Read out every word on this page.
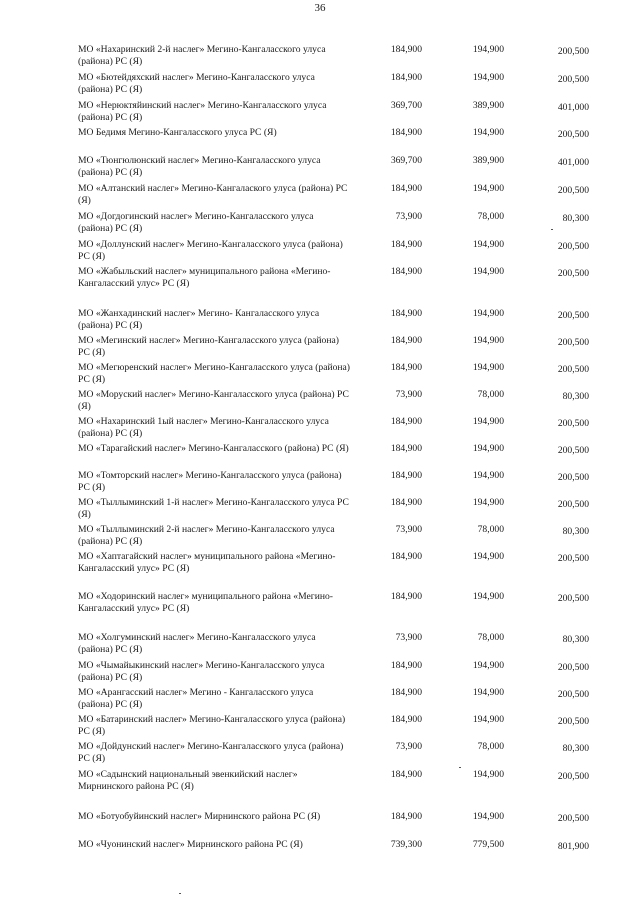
36
МО «Нахаринский 2-й наслег» Мегино-Кангаласского улуса (района) РС (Я)
184,900	194,900	200,500
МО «Бютейдяхский наслег» Мегино-Кангаласского улуса (района) РС (Я)
184,900	194,900	200,500
МО «Нерюктяйинский наслег» Мегино-Кангаласского улуса (района) РС (Я)
369,700	389,900	401,000
МО Бедимя Мегино-Кангаласского улуса РС (Я)	184,900	194,900	200,500
МО «Тюнгюлюнский наслег» Мегино-Кангаласского улуса (района) РС (Я)
369,700	389,900	401,000
МО «Алтанский наслег» Мегино-Кангалаского улуса (района) РС (Я)
184,900	194,900	200,500
МО «Догдогинский наслег» Мегино-Кангаласского улуса (района) РС (Я)
73,900	78,000	80,300
МО «Доллунский наслег» Мегино-Кангаласского улуса (района) РС (Я)
184,900	194,900	200,500
МО «Жабыльский наслег» муниципального района «Мегино-Кангаласский улус» РС (Я)
184,900	194,900	200,500
МО «Жанхадинский наслег» Мегино- Кангаласского улуса (района) РС (Я)
184,900	194,900	200,500
МО «Мегинский наслег» Мегино-Кангаласского улуса (района) РС (Я)
184,900	194,900	200,500
МО «Мегюренский наслег» Мегино-Кангаласского улуса (района) РС (Я)
184,900	194,900	200,500
МО «Моруский наслег» Мегино-Кангаласского улуса (района) РС (Я)
73,900	78,000	80,300
МО «Нахаринский 1ый наслег» Мегино-Кангаласского улуса (района) РС (Я)
184,900	194,900	200,500
МО «Тарагайский наслег» Мегино-Кангаласского (района) РС (Я)	184,900	194,900	200,500
МО «Томторский наслег» Мегино-Кангаласского улуса (района) РС (Я)
184,900	194,900	200,500
МО «Тыллыминский 1-й наслег» Мегино-Кангаласского улуса РС (Я)
184,900	194,900	200,500
МО «Тыллыминский 2-й наслег» Мегино-Кангаласского улуса (района) РС (Я)
73,900	78,000	80,300
МО «Хаптагайский наслег» муниципального района «Мегино-Кангаласский улус» РС (Я)
184,900	194,900	200,500
МО «Ходоринский наслег» муниципального района «Мегино-Кангаласский улус» РС (Я)
184,900	194,900	200,500
МО «Холгуминский наслег» Мегино-Кангаласского улуса (района) РС (Я)
73,900	78,000	80,300
МО «Чымайыкинский наслег» Мегино-Кангаласского улуса (района) РС (Я)
184,900	194,900	200,500
МО «Арангасский наслег» Мегино - Кангаласского улуса (района) РС (Я)
184,900	194,900	200,500
МО «Батаринский наслег» Мегино-Кангаласского улуса (района) РС (Я)
184,900	194,900	200,500
МО «Дойдунский наслег» Мегино-Кангаласского улуса (района) РС (Я)
73,900	78,000	80,300
МО «Садынский национальный эвенкийский наслег» Мирнинского района РС (Я)
184,900	194,900	200,500
МО «Ботуобуйинский наслег» Мирнинского района РС (Я)	184,900	194,900	200,500
МО «Чуонинский наслег» Мирнинского района РС (Я)	739,300	779,500	801,900
